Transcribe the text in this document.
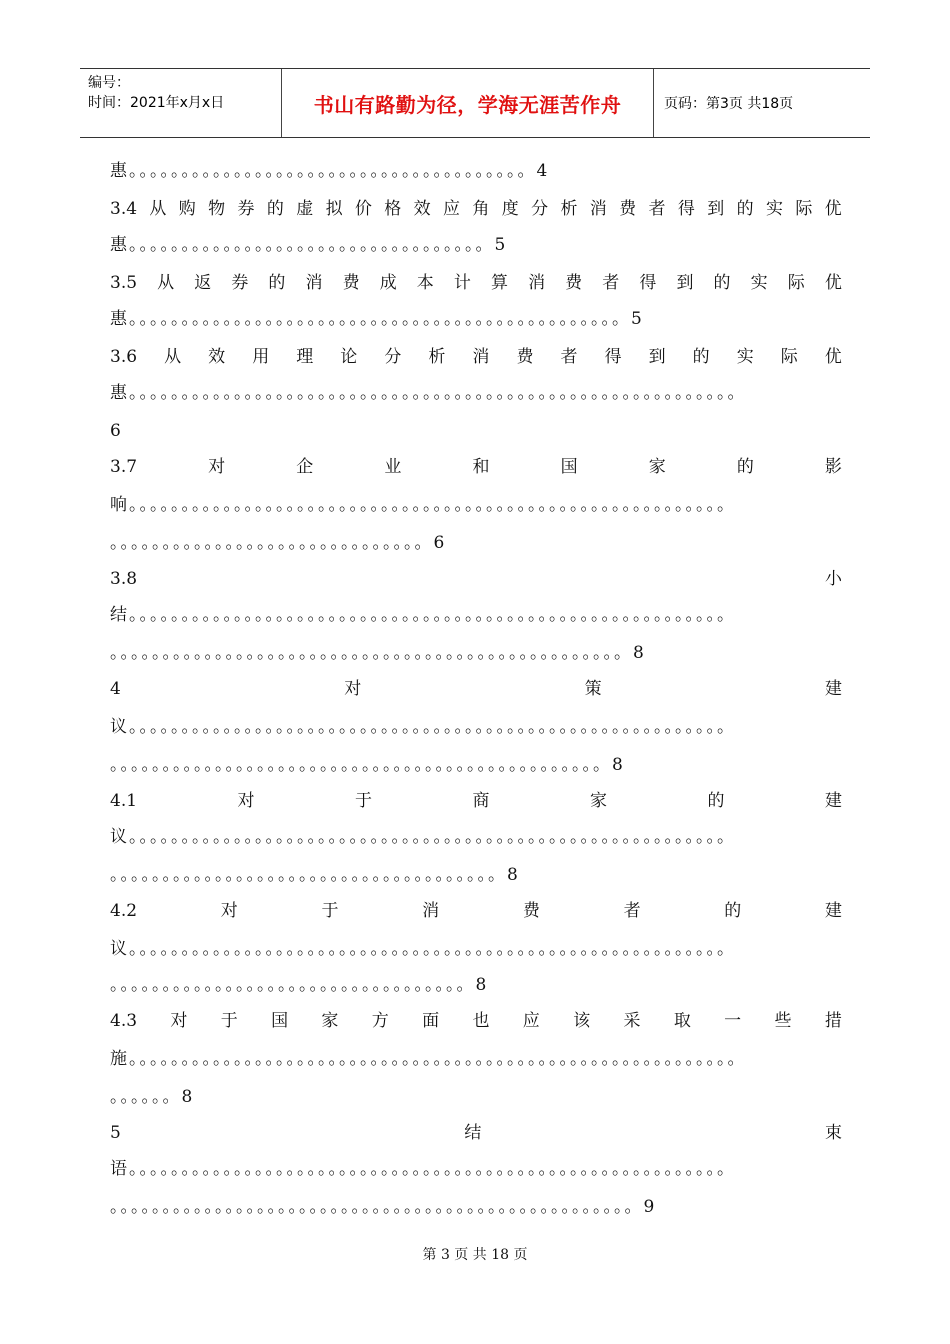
编号：
时间：2021年x月x日	书山有路勤为径，学海无涯苦作舟	页码：第3页 共18页
惠。。。。。。。。。。。。。。。。。。。。。。。。。。。。。。。。。。。。。。4
3.4 从 购 物 券 的 虚 拟 价 格 效 应 角 度 分 析 消 费 者 得 到 的 实 际 优
惠。。。。。。。。。。。。。。。。。。。。。。。。。。。。。。。。。。5
3.5 从 返 券 的 消 费 成 本 计 算 消 费 者 得 到 的 实 际 优
惠。。。。。。。。。。。。。。。。。。。。。。。。。。。。。。。。。。。。。。。。。。。。。。。5
3.6 从 效 用 理 论 分 析 消 费 者 得 到 的 实 际 优
惠。。。。。。。。。。。。。。。。。。。。。。。。。。。。。。。。。。。。。。。。。。。。。。。。。。。。。。。。。。
6
3.7	对	企	业	和	国	家	的	影
响。。。。。。。。。。。。。。。。。。。。。。。。。。。。。。。。。。。。。。。。。。。。。。。。。。。。。。。。。
。。。。。。。。。。。。。。。。。。。。。。。。。。。。。。6
3.8	小
结。。。。。。。。。。。。。。。。。。。。。。。。。。。。。。。。。。。。。。。。。。。。。。。。。。。。。。。。。
。。。。。。。。。。。。。。。。。。。。。。。。。。。。。。。。。。。。。。。。。。。。。。。。。8
4	对	策	建
议。。。。。。。。。。。。。。。。。。。。。。。。。。。。。。。。。。。。。。。。。。。。。。。。。。。。。。。。。
。。。。。。。。。。。。。。。。。。。。。。。。。。。。。。。。。。。。。。。。。。。。。。。8
4.1	对	于	商	家	的	建
议。。。。。。。。。。。。。。。。。。。。。。。。。。。。。。。。。。。。。。。。。。。。。。。。。。。。。。。。。
。。。。。。。。。。。。。。。。。。。。。。。。。。。。。。。。。。。。。8
4.2	对	于	消	费	者	的	建
议。。。。。。。。。。。。。。。。。。。。。。。。。。。。。。。。。。。。。。。。。。。。。。。。。。。。。。。。。
。。。。。。。。。。。。。。。。。。。。。。。。。。。。。。。。。。8
4.3 对 于 国 家 方 面 也 应 该 采 取 一 些 措
施。。。。。。。。。。。。。。。。。。。。。。。。。。。。。。。。。。。。。。。。。。。。。。。。。。。。。。。。。。
。。。。。。8
5	结	束
语。。。。。。。。。。。。。。。。。。。。。。。。。。。。。。。。。。。。。。。。。。。。。。。。。。。。。。。。。
。。。。。。。。。。。。。。。。。。。。。。。。。。。。。。。。。。。。。。。。。。。。。。。。。。9
第 3 页 共 18 页
